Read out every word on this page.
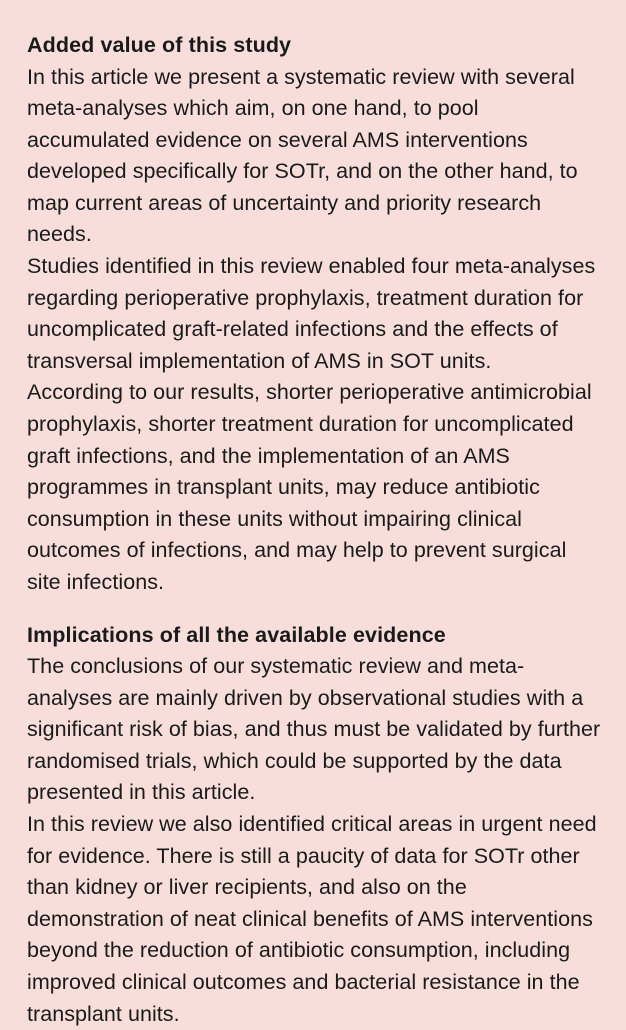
Added value of this study

In this article we present a systematic review with several meta-analyses which aim, on one hand, to pool accumulated evidence on several AMS interventions developed specifically for SOTr, and on the other hand, to map current areas of uncertainty and priority research needs.

Studies identified in this review enabled four meta-analyses regarding perioperative prophylaxis, treatment duration for uncomplicated graft-related infections and the effects of transversal implementation of AMS in SOT units.

According to our results, shorter perioperative antimicrobial prophylaxis, shorter treatment duration for uncomplicated graft infections, and the implementation of an AMS programmes in transplant units, may reduce antibiotic consumption in these units without impairing clinical outcomes of infections, and may help to prevent surgical site infections.

Implications of all the available evidence

The conclusions of our systematic review and meta-analyses are mainly driven by observational studies with a significant risk of bias, and thus must be validated by further randomised trials, which could be supported by the data presented in this article.

In this review we also identified critical areas in urgent need for evidence. There is still a paucity of data for SOTr other than kidney or liver recipients, and also on the demonstration of neat clinical benefits of AMS interventions beyond the reduction of antibiotic consumption, including improved clinical outcomes and bacterial resistance in the transplant units.
